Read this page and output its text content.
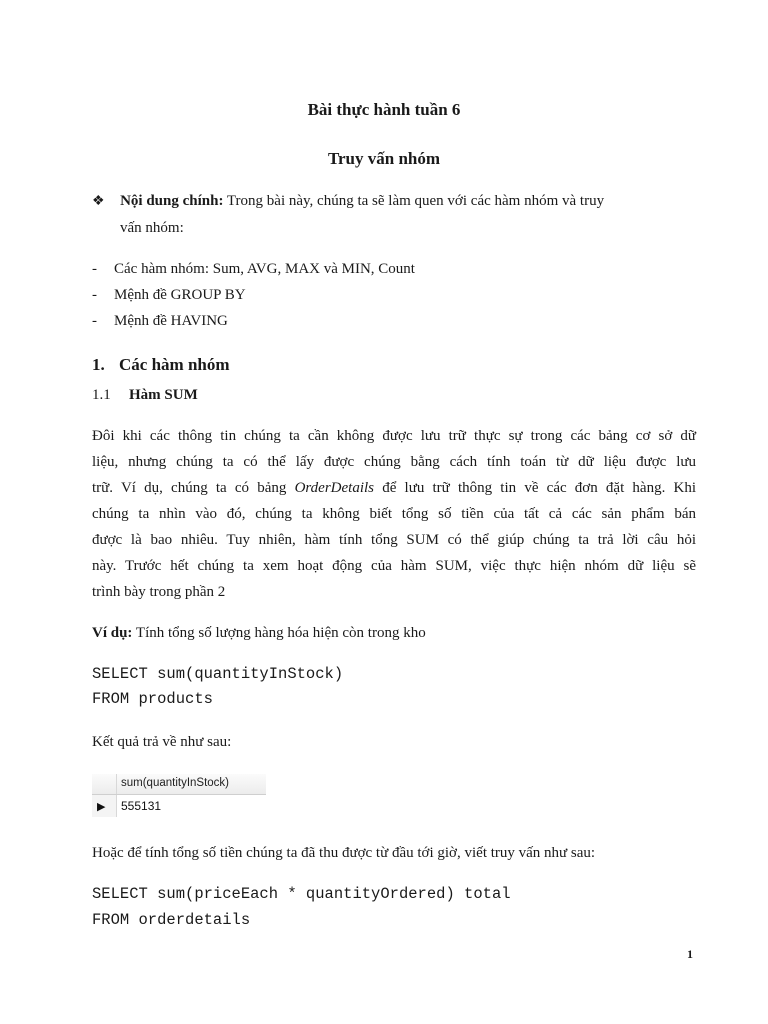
Bài thực hành tuần 6
Truy vấn nhóm
❖ Nội dung chính: Trong bài này, chúng ta sẽ làm quen với các hàm nhóm và truy
vấn nhóm:
- Các hàm nhóm: Sum, AVG, MAX và MIN, Count
- Mệnh đề GROUP BY
- Mệnh đề HAVING
1. Các hàm nhóm
1.1 Hàm SUM
Đôi khi các thông tin chúng ta cần không được lưu trữ thực sự trong các bảng cơ sở dữ
liệu, nhưng chúng ta có thể lấy được chúng bằng cách tính toán từ dữ liệu được lưu
trữ. Ví dụ, chúng ta có bảng OrderDetails để lưu trữ thông tin về các đơn đặt hàng. Khi
chúng ta nhìn vào đó, chúng ta không biết tổng số tiền của tất cả các sản phẩm bán
được là bao nhiêu. Tuy nhiên, hàm tính tổng SUM có thể giúp chúng ta trả lời câu hỏi
này. Trước hết chúng ta xem hoạt động của hàm SUM, việc thực hiện nhóm dữ liệu sẽ
trình bày trong phần 2
Ví dụ: Tính tổng số lượng hàng hóa hiện còn trong kho
SELECT sum(quantityInStock)
FROM products
Kết quả trả về như sau:
sum(quantityInStock)
▶ 555131
Hoặc để tính tổng số tiền chúng ta đã thu được từ đầu tới giờ, viết truy vấn như sau:
SELECT sum(priceEach * quantityOrdered) total
FROM orderdetails
1
